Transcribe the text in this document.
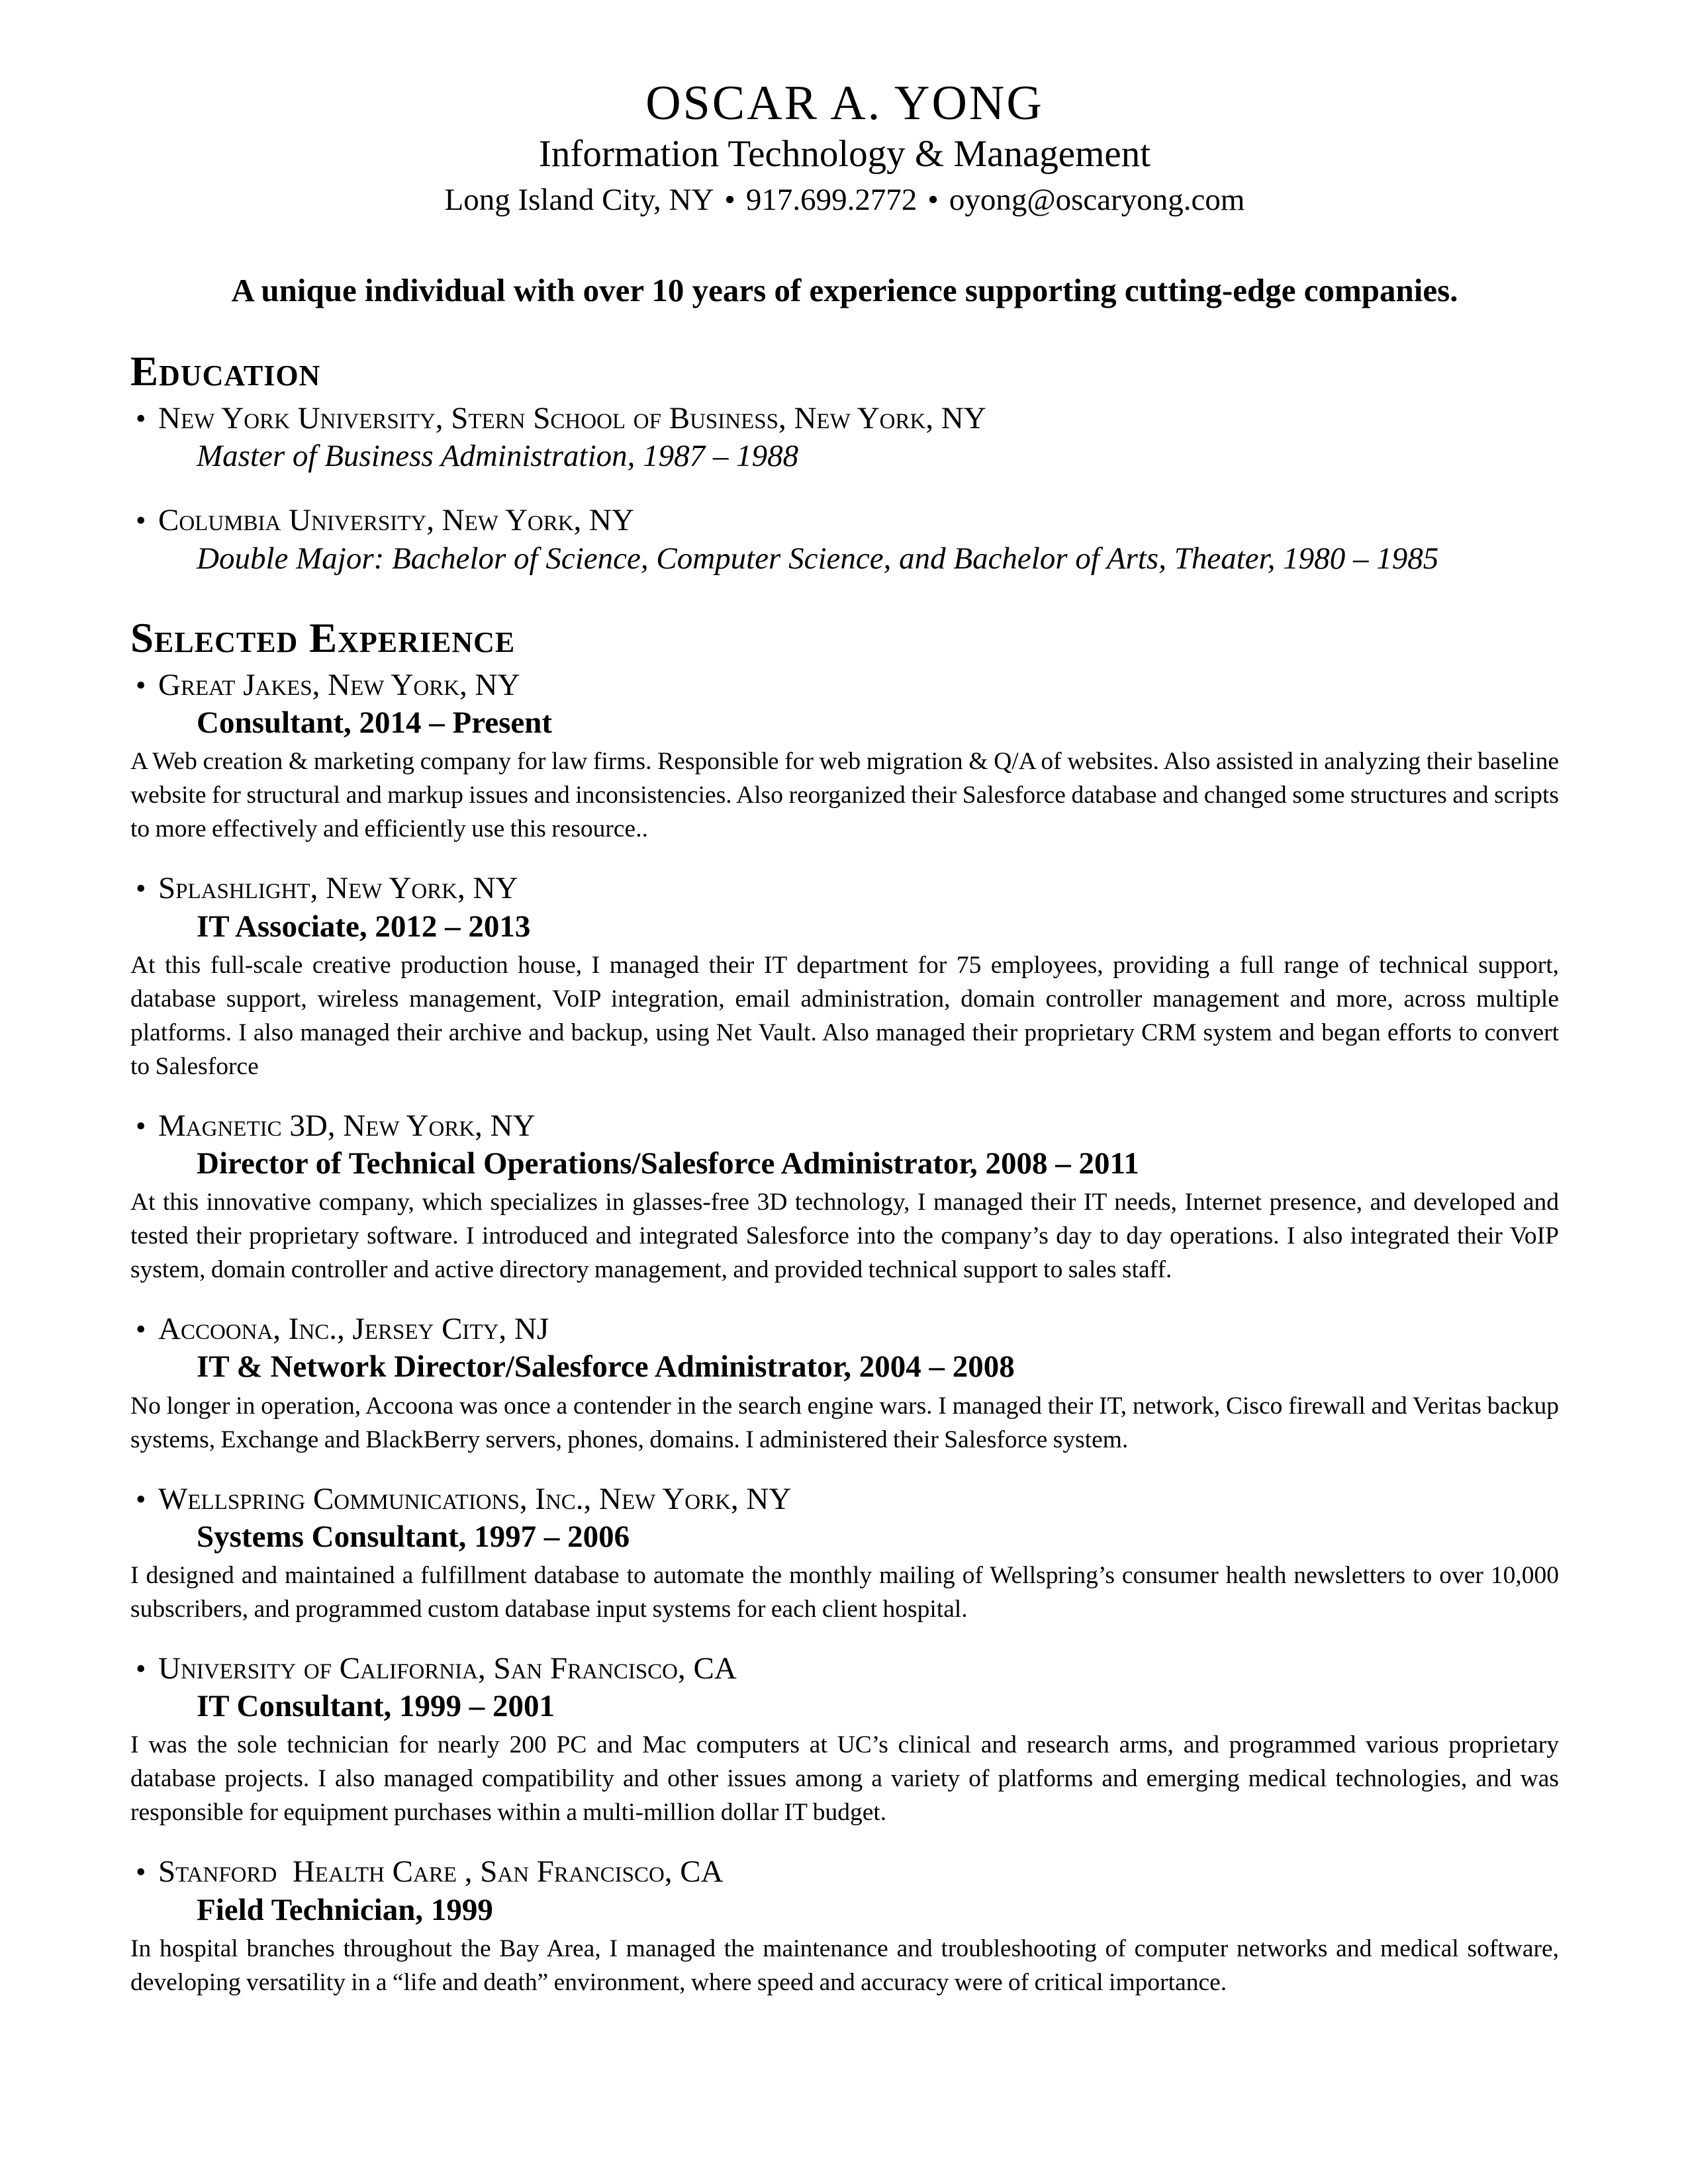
OSCAR A. YONG
Information Technology & Management
Long Island City, NY • 917.699.2772 • oyong@oscaryong.com
A unique individual with over 10 years of experience supporting cutting-edge companies.
Education
• New York University, Stern School of Business, New York, NY
Master of Business Administration, 1987 – 1988
• Columbia University, New York, NY
Double Major: Bachelor of Science, Computer Science, and Bachelor of Arts, Theater, 1980 – 1985
Selected Experience
• Great Jakes, New York, NY
Consultant, 2014 – Present
A Web creation & marketing company for law firms. Responsible for web migration & Q/A of websites. Also assisted in analyzing their baseline website for structural and markup issues and inconsistencies. Also reorganized their Salesforce database and changed some structures and scripts to more effectively and efficiently use this resource..
• Splashlight, New York, NY
IT Associate, 2012 – 2013
At this full-scale creative production house, I managed their IT department for 75 employees, providing a full range of technical support, database support, wireless management, VoIP integration, email administration, domain controller management and more, across multiple platforms. I also managed their archive and backup, using Net Vault. Also managed their proprietary CRM system and began efforts to convert to Salesforce
• Magnetic 3D, New York, NY
Director of Technical Operations/Salesforce Administrator, 2008 – 2011
At this innovative company, which specializes in glasses-free 3D technology, I managed their IT needs, Internet presence, and developed and tested their proprietary software. I introduced and integrated Salesforce into the company’s day to day operations. I also integrated their VoIP system, domain controller and active directory management, and provided technical support to sales staff.
• Accoona, Inc., Jersey City, NJ
IT & Network Director/Salesforce Administrator, 2004 – 2008
No longer in operation, Accoona was once a contender in the search engine wars. I managed their IT, network, Cisco firewall and Veritas backup systems, Exchange and BlackBerry servers, phones, domains. I administered their Salesforce system.
• Wellspring Communications, Inc., New York, NY
Systems Consultant, 1997 – 2006
I designed and maintained a fulfillment database to automate the monthly mailing of Wellspring’s consumer health newsletters to over 10,000 subscribers, and programmed custom database input systems for each client hospital.
• University of California, San Francisco, CA
IT Consultant, 1999 – 2001
I was the sole technician for nearly 200 PC and Mac computers at UC’s clinical and research arms, and programmed various proprietary database projects. I also managed compatibility and other issues among a variety of platforms and emerging medical technologies, and was responsible for equipment purchases within a multi-million dollar IT budget.
• Stanford  Health Care , San Francisco, CA
Field Technician, 1999
In hospital branches throughout the Bay Area, I managed the maintenance and troubleshooting of computer networks and medical software, developing versatility in a “life and death” environment, where speed and accuracy were of critical importance.
